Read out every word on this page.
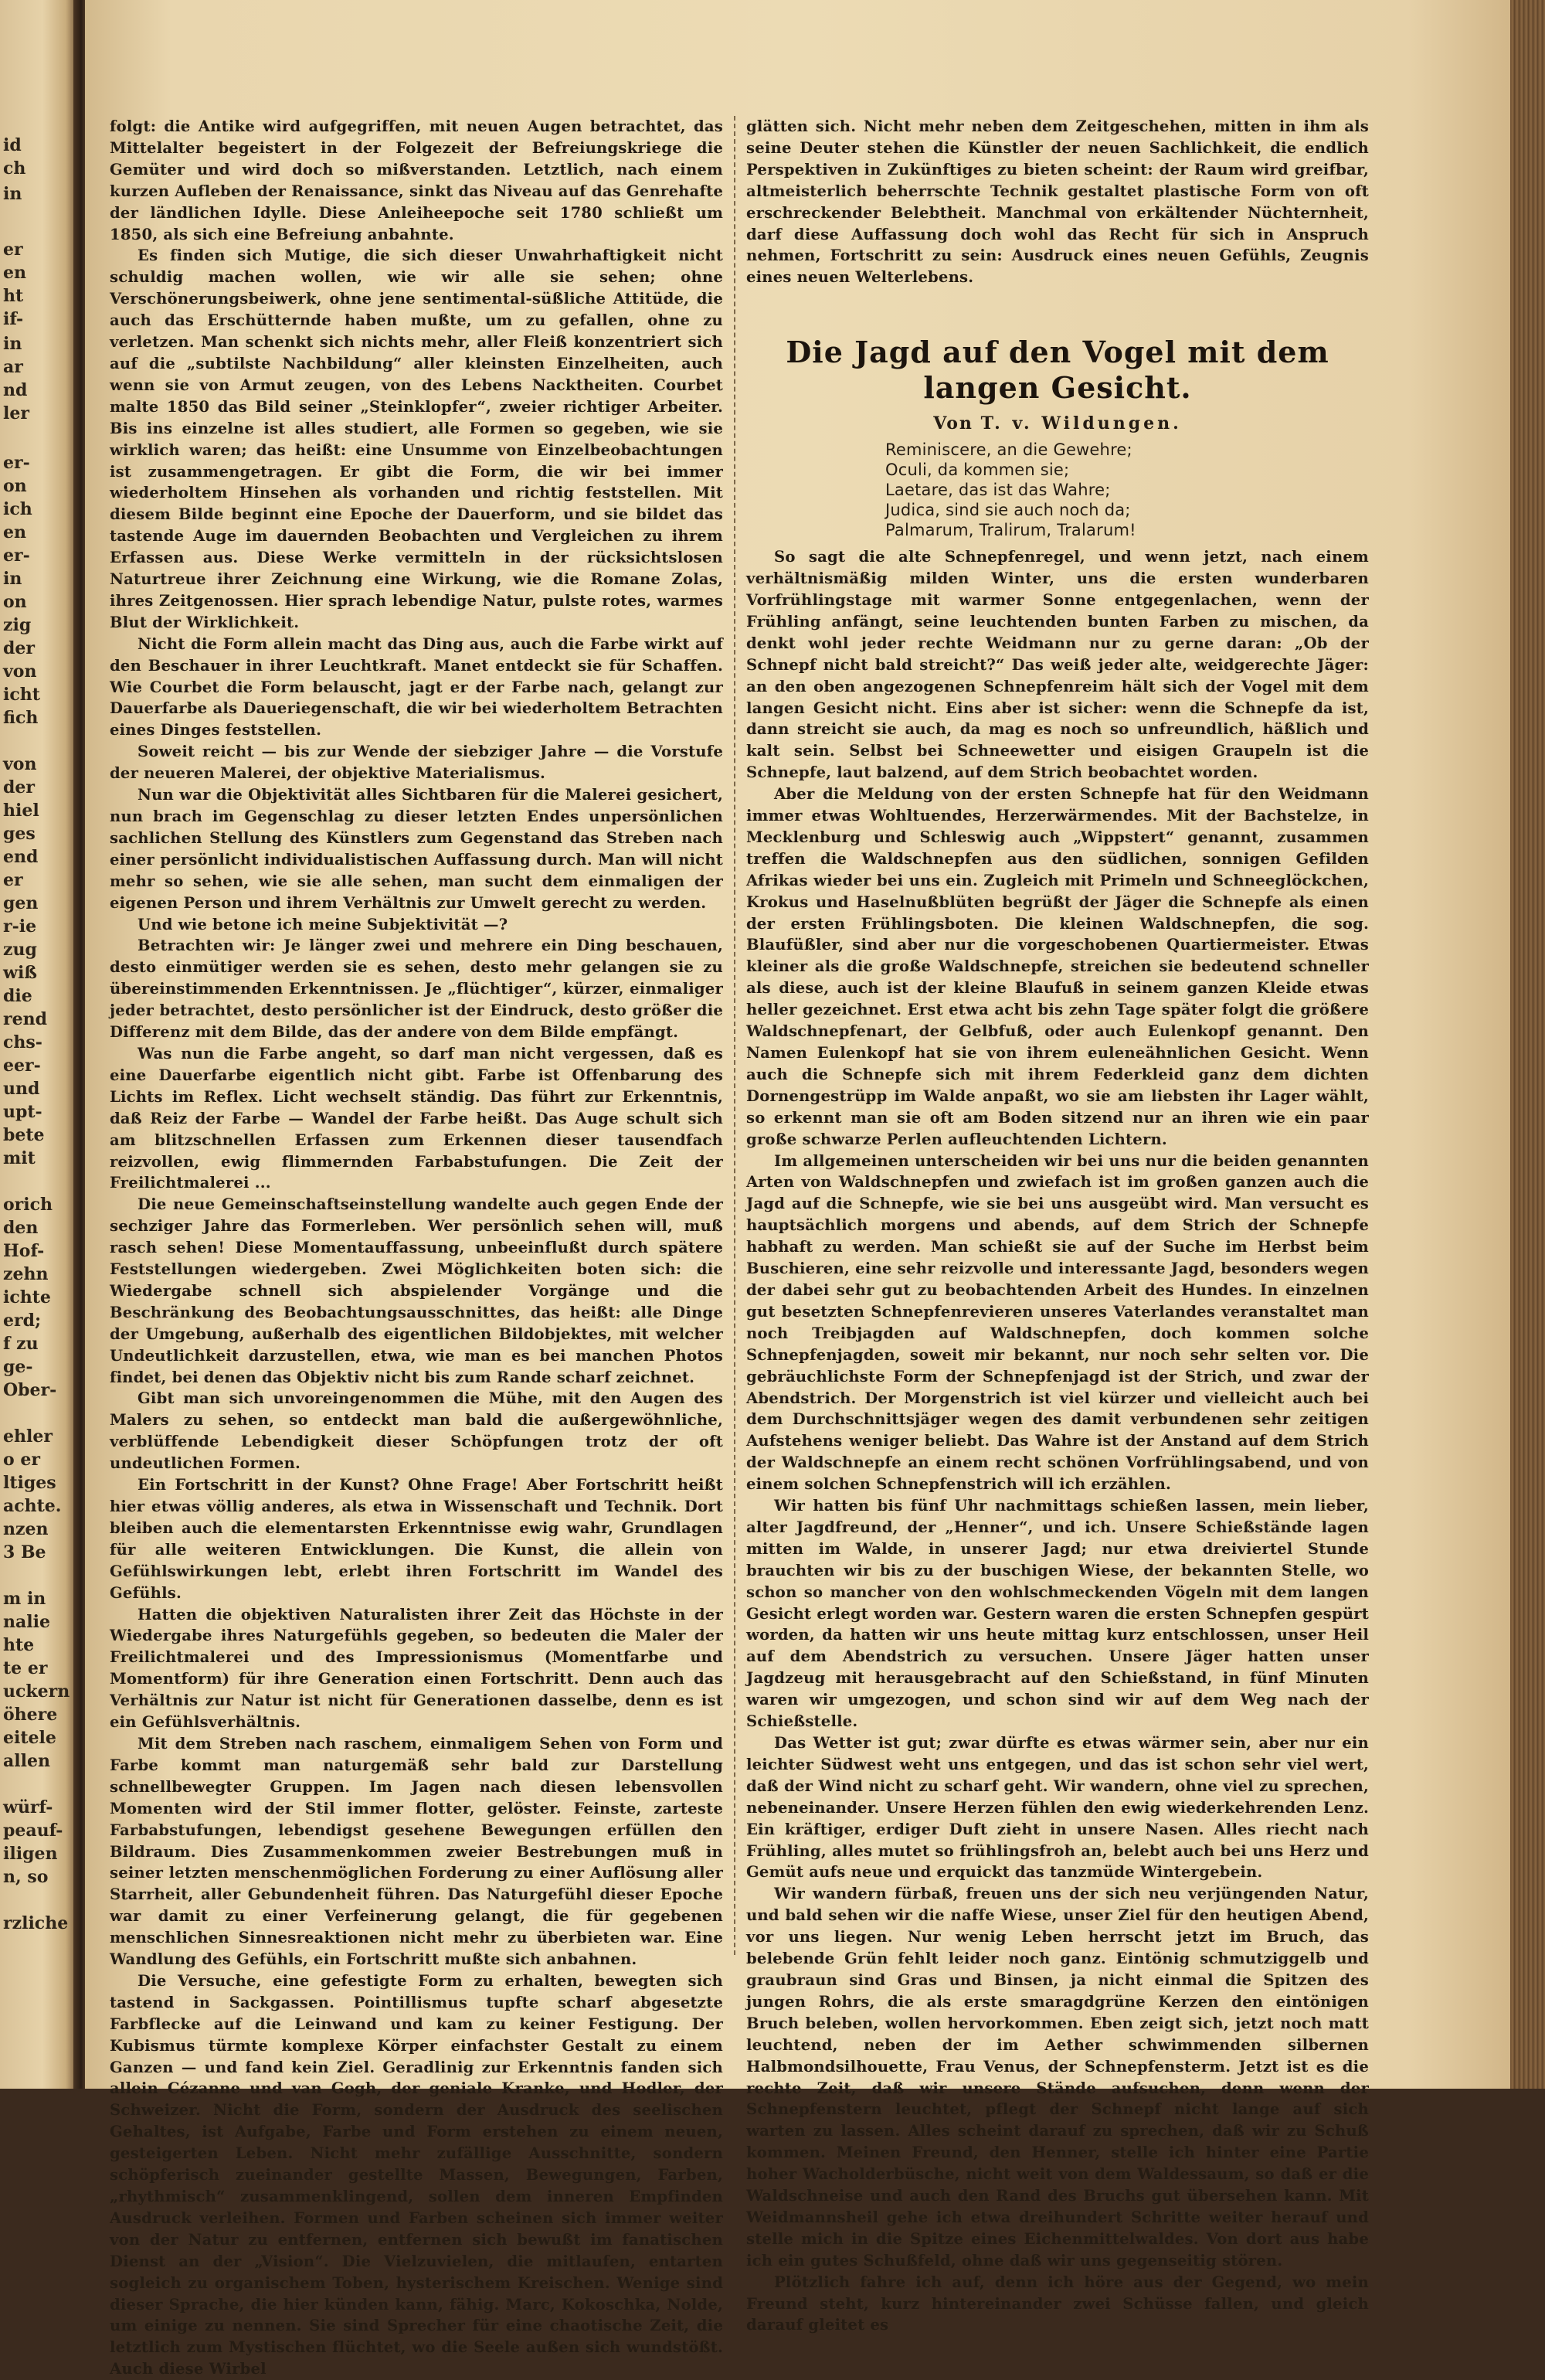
id
ch
in
er
en
ht
if-
in
ar
nd
ler
er-
on
ich
en
er-
in
on
zig
der
von
icht
fich
von
der
hiel
ges
end
er
gen
r-ie
zug
wiß
die
rend
chs-
eer-
und
upt-
bete
mit
orich
den
Hof-
zehn
ichte
erd;
f zu
ge-
Ober-
ehler
o er
ltiges
achte.
nzen
3 Be
m in
nalie
hte
te er
uckern
öhere
eitele
allen
würf-
peauf-
iligen
n, so
rzliche

folgt: die Antike wird aufgegriffen, mit neuen Augen betrachtet, das Mittelalter begeistert in der Folgezeit der Befreiungskriege die Gemüter und wird doch so mißverstanden. Letztlich, nach einem kurzen Aufleben der Renaissance, sinkt das Niveau auf das Genrehafte der ländlichen Idylle. Diese Anleiheepoche seit 1780 schließt um 1850, als sich eine Befreiung anbahnte.

Es finden sich Mutige, die sich dieser Unwahrhaftigkeit nicht schuldig machen wollen, wie wir alle sie sehen; ohne Verschönerungsbeiwerk, ohne jene sentimental-süßliche Attitüde, die auch das Erschütternde haben mußte, um zu gefallen, ohne zu verletzen. Man schenkt sich nichts mehr, aller Fleiß konzentriert sich auf die „subtilste Nachbildung“ aller kleinsten Einzelheiten, auch wenn sie von Armut zeugen, von des Lebens Nacktheiten. Courbet malte 1850 das Bild seiner „Steinklopfer“, zweier richtiger Arbeiter. Bis ins einzelne ist alles studiert, alle Formen so gegeben, wie sie wirklich waren; das heißt: eine Unsumme von Einzelbeobachtungen ist zusammengetragen. Er gibt die Form, die wir bei immer wiederholtem Hinsehen als vorhanden und richtig feststellen. Mit diesem Bilde beginnt eine Epoche der Dauerform, und sie bildet das tastende Auge im dauernden Beobachten und Vergleichen zu ihrem Erfassen aus. Diese Werke vermitteln in der rücksichtslosen Naturtreue ihrer Zeichnung eine Wirkung, wie die Romane Zolas, ihres Zeitgenossen. Hier sprach lebendige Natur, pulste rotes, warmes Blut der Wirklichkeit.

Nicht die Form allein macht das Ding aus, auch die Farbe wirkt auf den Beschauer in ihrer Leuchtkraft. Manet entdeckt sie für Schaffen. Wie Courbet die Form belauscht, jagt er der Farbe nach, gelangt zur Dauerfarbe als Daueriegenschaft, die wir bei wiederholtem Betrachten eines Dinges feststellen.

Soweit reicht — bis zur Wende der siebziger Jahre — die Vorstufe der neueren Malerei, der objektive Materialismus.

Nun war die Objektivität alles Sichtbaren für die Malerei gesichert, nun brach im Gegenschlag zu dieser letzten Endes unpersönlichen sachlichen Stellung des Künstlers zum Gegenstand das Streben nach einer persönlicht individualistischen Auffassung durch. Man will nicht mehr so sehen, wie sie alle sehen, man sucht dem einmaligen der eigenen Person und ihrem Verhältnis zur Umwelt gerecht zu werden.

Und wie betone ich meine Subjektivität —?

Betrachten wir: Je länger zwei und mehrere ein Ding beschauen, desto einmütiger werden sie es sehen, desto mehr gelangen sie zu übereinstimmenden Erkenntnissen. Je „flüchtiger“, kürzer, einmaliger jeder betrachtet, desto persönlicher ist der Eindruck, desto größer die Differenz mit dem Bilde, das der andere von dem Bilde empfängt.

Was nun die Farbe angeht, so darf man nicht vergessen, daß es eine Dauerfarbe eigentlich nicht gibt. Farbe ist Offenbarung des Lichts im Reflex. Licht wechselt ständig. Das führt zur Erkenntnis, daß Reiz der Farbe — Wandel der Farbe heißt. Das Auge schult sich am blitzschnellen Erfassen zum Erkennen dieser tausendfach reizvollen, ewig flimmernden Farbabstufungen. Die Zeit der Freilichtmalerei ...

Die neue Gemeinschaftseinstellung wandelte auch gegen Ende der sechziger Jahre das Formerleben. Wer persönlich sehen will, muß rasch sehen! Diese Momentauffassung, unbeeinflußt durch spätere Feststellungen wiedergeben. Zwei Möglichkeiten boten sich: die Wiedergabe schnell sich abspielender Vorgänge und die Beschränkung des Beobachtungsausschnittes, das heißt: alle Dinge der Umgebung, außerhalb des eigentlichen Bildobjektes, mit welcher Undeutlichkeit darzustellen, etwa, wie man es bei manchen Photos findet, bei denen das Objektiv nicht bis zum Rande scharf zeichnet.

Gibt man sich unvoreingenommen die Mühe, mit den Augen des Malers zu sehen, so entdeckt man bald die außergewöhnliche, verblüffende Lebendigkeit dieser Schöpfungen trotz der oft undeutlichen Formen.

Ein Fortschritt in der Kunst? Ohne Frage! Aber Fortschritt heißt hier etwas völlig anderes, als etwa in Wissenschaft und Technik. Dort bleiben auch die elementarsten Erkenntnisse ewig wahr, Grundlagen für alle weiteren Entwicklungen. Die Kunst, die allein von Gefühlswirkungen lebt, erlebt ihren Fortschritt im Wandel des Gefühls.

Hatten die objektiven Naturalisten ihrer Zeit das Höchste in der Wiedergabe ihres Naturgefühls gegeben, so bedeuten die Maler der Freilichtmalerei und des Impressionismus (Momentfarbe und Momentform) für ihre Generation einen Fortschritt. Denn auch das Verhältnis zur Natur ist nicht für Generationen dasselbe, denn es ist ein Gefühlsverhältnis.

Mit dem Streben nach raschem, einmaligem Sehen von Form und Farbe kommt man naturgemäß sehr bald zur Darstellung schnellbewegter Gruppen. Im Jagen nach diesen lebensvollen Momenten wird der Stil immer flotter, gelöster. Feinste, zarteste Farbabstufungen, lebendigst gesehene Bewegungen erfüllen den Bildraum. Dies Zusammenkommen zweier Bestrebungen muß in seiner letzten menschenmöglichen Forderung zu einer Auflösung aller Starrheit, aller Gebundenheit führen. Das Naturgefühl dieser Epoche war damit zu einer Verfeinerung gelangt, die für gegebenen menschlichen Sinnesreaktionen nicht mehr zu überbieten war. Eine Wandlung des Gefühls, ein Fortschritt mußte sich anbahnen.

Die Versuche, eine gefestigte Form zu erhalten, bewegten sich tastend in Sackgassen. Pointillismus tupfte scharf abgesetzte Farbflecke auf die Leinwand und kam zu keiner Festigung. Der Kubismus türmte komplexe Körper einfachster Gestalt zu einem Ganzen — und fand kein Ziel. Geradlinig zur Erkenntnis fanden sich allein Cézanne und van Gogh, der geniale Kranke, und Hodler, der Schweizer. Nicht die Form, sondern der Ausdruck des seelischen Gehaltes, ist Aufgabe, Farbe und Form erstehen zu einem neuen, gesteigerten Leben. Nicht mehr zufällige Ausschnitte, sondern schöpferisch zueinander gestellte Massen, Bewegungen, Farben, „rhythmisch“ zusammenklingend, sollen dem inneren Empfinden Ausdruck verleihen. Formen und Farben scheinen sich immer weiter von der Natur zu entfernen, entfernen sich bewußt im fanatischen Dienst an der „Vision“. Die Vielzuvielen, die mitlaufen, entarten sogleich zu organischem Toben, hysterischem Kreischen. Wenige sind dieser Sprache, die hier künden kann, fähig. Marc, Kokoschka, Nolde, um einige zu nennen. Sie sind Sprecher für eine chaotische Zeit, die letztlich zum Mystischen flüchtet, wo die Seele außen sich wundstößt. Auch diese Wirbel

glätten sich. Nicht mehr neben dem Zeitgeschehen, mitten in ihm als seine Deuter stehen die Künstler der neuen Sachlichkeit, die endlich Perspektiven in Zukünftiges zu bieten scheint: der Raum wird greifbar, altmeisterlich beherrschte Technik gestaltet plastische Form von oft erschreckender Belebtheit. Manchmal von erkältender Nüchternheit, darf diese Auffassung doch wohl das Recht für sich in Anspruch nehmen, Fortschritt zu sein: Ausdruck eines neuen Gefühls, Zeugnis eines neuen Welterlebens.

Die Jagd auf den Vogel mit dem langen Gesicht.
Von T. v. Wildungen.
Reminiscere, an die Gewehre;
Oculi, da kommen sie;
Laetare, das ist das Wahre;
Judica, sind sie auch noch da;
Palmarum, Tralirum, Tralarum!

So sagt die alte Schnepfenregel, und wenn jetzt, nach einem verhältnismäßig milden Winter, uns die ersten wunderbaren Vorfrühlingstage mit warmer Sonne entgegenlachen, wenn der Frühling anfängt, seine leuchtenden bunten Farben zu mischen, da denkt wohl jeder rechte Weidmann nur zu gerne daran: „Ob der Schnepf nicht bald streicht?“ Das weiß jeder alte, weidgerechte Jäger: an den oben angezogenen Schnepfenreim hält sich der Vogel mit dem langen Gesicht nicht. Eins aber ist sicher: wenn die Schnepfe da ist, dann streicht sie auch, da mag es noch so unfreundlich, häßlich und kalt sein. Selbst bei Schneewetter und eisigen Graupeln ist die Schnepfe, laut balzend, auf dem Strich beobachtet worden.

Aber die Meldung von der ersten Schnepfe hat für den Weidmann immer etwas Wohltuendes, Herzerwärmendes. Mit der Bachstelze, in Mecklenburg und Schleswig auch „Wippstert“ genannt, zusammen treffen die Waldschnepfen aus den südlichen, sonnigen Gefilden Afrikas wieder bei uns ein. Zugleich mit Primeln und Schneeglöckchen, Krokus und Haselnußblüten begrüßt der Jäger die Schnepfe als einen der ersten Frühlingsboten. Die kleinen Waldschnepfen, die sog. Blaufüßler, sind aber nur die vorgeschobenen Quartiermeister. Etwas kleiner als die große Waldschnepfe, streichen sie bedeutend schneller als diese, auch ist der kleine Blaufuß in seinem ganzen Kleide etwas heller gezeichnet. Erst etwa acht bis zehn Tage später folgt die größere Waldschnepfenart, der Gelbfuß, oder auch Eulenkopf genannt. Den Namen Eulenkopf hat sie von ihrem euleneähnlichen Gesicht. Wenn auch die Schnepfe sich mit ihrem Federkleid ganz dem dichten Dornengestrüpp im Walde anpaßt, wo sie am liebsten ihr Lager wählt, so erkennt man sie oft am Boden sitzend nur an ihren wie ein paar große schwarze Perlen aufleuchtenden Lichtern.

Im allgemeinen unterscheiden wir bei uns nur die beiden genannten Arten von Waldschnepfen und zwiefach ist im großen ganzen auch die Jagd auf die Schnepfe, wie sie bei uns ausgeübt wird. Man versucht es hauptsächlich morgens und abends, auf dem Strich der Schnepfe habhaft zu werden. Man schießt sie auf der Suche im Herbst beim Buschieren, eine sehr reizvolle und interessante Jagd, besonders wegen der dabei sehr gut zu beobachtenden Arbeit des Hundes. In einzelnen gut besetzten Schnepfenrevieren unseres Vaterlandes veranstaltet man noch Treibjagden auf Waldschnepfen, doch kommen solche Schnepfenjagden, soweit mir bekannt, nur noch sehr selten vor. Die gebräuchlichste Form der Schnepfenjagd ist der Strich, und zwar der Abendstrich. Der Morgenstrich ist viel kürzer und vielleicht auch bei dem Durchschnittsjäger wegen des damit verbundenen sehr zeitigen Aufstehens weniger beliebt. Das Wahre ist der Anstand auf dem Strich der Waldschnepfe an einem recht schönen Vorfrühlingsabend, und von einem solchen Schnepfenstrich will ich erzählen.

Wir hatten bis fünf Uhr nachmittags schießen lassen, mein lieber, alter Jagdfreund, der „Henner“, und ich. Unsere Schießstände lagen mitten im Walde, in unserer Jagd; nur etwa dreiviertel Stunde brauchten wir bis zu der buschigen Wiese, der bekannten Stelle, wo schon so mancher von den wohlschmeckenden Vögeln mit dem langen Gesicht erlegt worden war. Gestern waren die ersten Schnepfen gespürt worden, da hatten wir uns heute mittag kurz entschlossen, unser Heil auf dem Abendstrich zu versuchen. Unsere Jäger hatten unser Jagdzeug mit herausgebracht auf den Schießstand, in fünf Minuten waren wir umgezogen, und schon sind wir auf dem Weg nach der Schießstelle.

Das Wetter ist gut; zwar dürfte es etwas wärmer sein, aber nur ein leichter Südwest weht uns entgegen, und das ist schon sehr viel wert, daß der Wind nicht zu scharf geht. Wir wandern, ohne viel zu sprechen, nebeneinander. Unsere Herzen fühlen den ewig wiederkehrenden Lenz. Ein kräftiger, erdiger Duft zieht in unsere Nasen. Alles riecht nach Frühling, alles mutet so frühlingsfroh an, belebt auch bei uns Herz und Gemüt aufs neue und erquickt das tanzmüde Wintergebein.

Wir wandern fürbaß, freuen uns der sich neu verjüngenden Natur, und bald sehen wir die naffe Wiese, unser Ziel für den heutigen Abend, vor uns liegen. Nur wenig Leben herrscht jetzt im Bruch, das belebende Grün fehlt leider noch ganz. Eintönig schmutziggelb und graubraun sind Gras und Binsen, ja nicht einmal die Spitzen des jungen Rohrs, die als erste smaragdgrüne Kerzen den eintönigen Bruch beleben, wollen hervorkommen. Eben zeigt sich, jetzt noch matt leuchtend, neben der im Aether schwimmenden silbernen Halbmondsilhouette, Frau Venus, der Schnepfensterm. Jetzt ist es die rechte Zeit, daß wir unsere Stände aufsuchen, denn wenn der Schnepfenstern leuchtet, pflegt der Schnepf nicht lange auf sich warten zu lassen. Alles scheint darauf zu sprechen, daß wir zu Schuß kommen. Meinen Freund, den Henner, stelle ich hinter eine Partie hoher Wacholderbüsche, nicht weit von dem Waldessaum, so daß er die Waldschneise und auch den Rand des Bruchs gut übersehen kann. Mit Weidmannsheil gehe ich etwa dreihundert Schritte weiter herauf und stelle mich in die Spitze eines Eichenmittelwaldes. Von dort aus habe ich ein gutes Schußfeld, ohne daß wir uns gegenseitig stören.

Plötzlich fahre ich auf, denn ich höre aus der Gegend, wo mein Freund steht, kurz hintereinander zwei Schüsse fallen, und gleich darauf gleitet es
